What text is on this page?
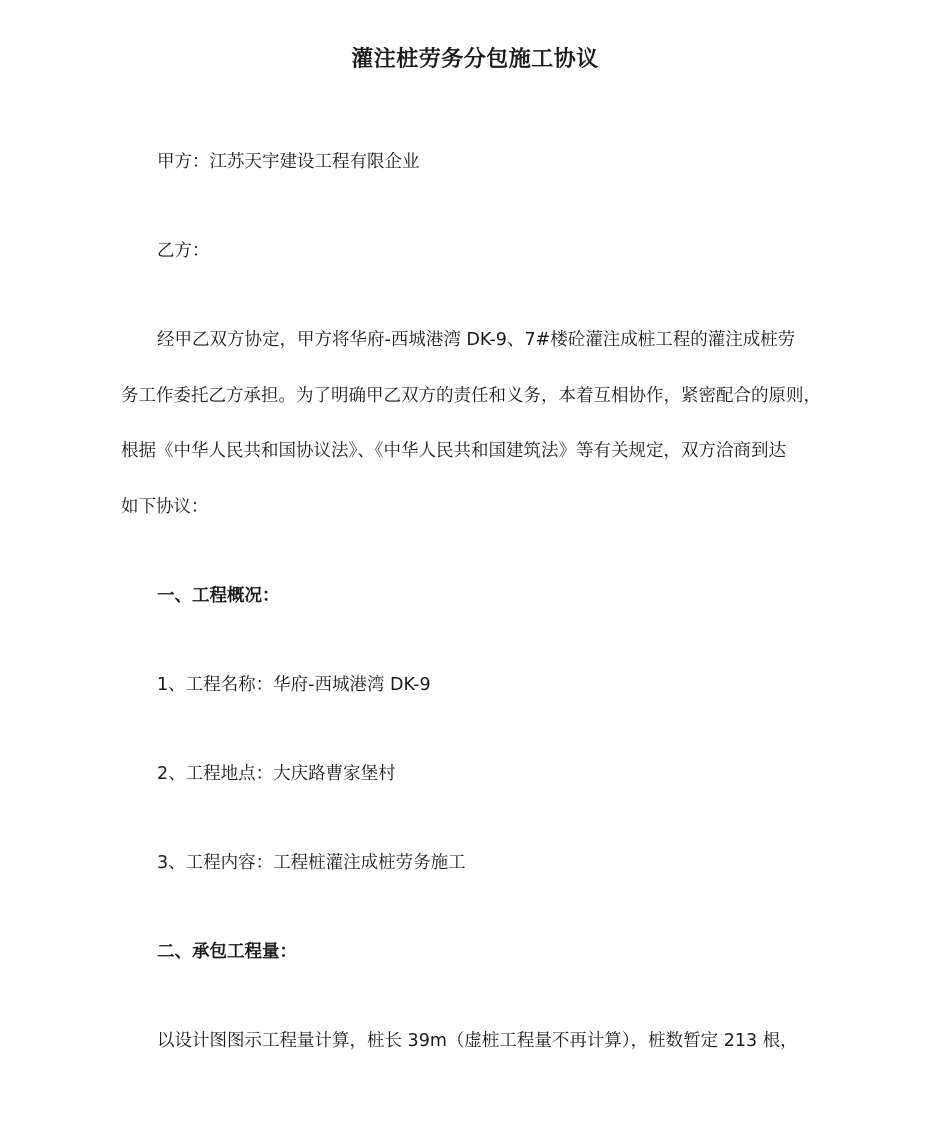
灌注桩劳务分包施工协议
甲方：江苏天宇建设工程有限企业
乙方：
经甲乙双方协定，甲方将华府-西城港湾 DK-9、7#楼砼灌注成桩工程的灌注成桩劳
务工作委托乙方承担。为了明确甲乙双方的责任和义务，本着互相协作，紧密配合的原则，
根据《中华人民共和国协议法》、《中华人民共和国建筑法》等有关规定，双方洽商到达
如下协议：
一、工程概况：
1、工程名称：华府-西城港湾 DK-9
2、工程地点：大庆路曹家堡村
3、工程内容：工程桩灌注成桩劳务施工
二、承包工程量：
以设计图图示工程量计算，桩长 39m（虚桩工程量不再计算），桩数暂定 213 根，
